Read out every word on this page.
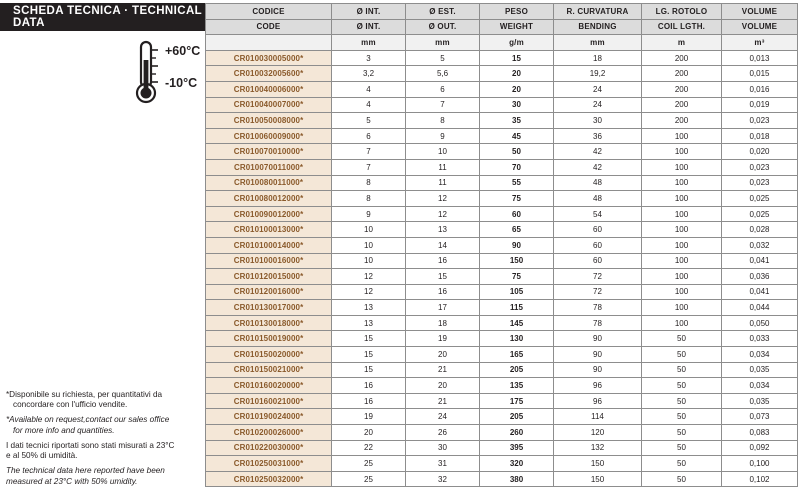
SCHEDA TECNICA · TECHNICAL DATA
+60°C
-10°C

*Disponibile su richiesta, per quantitativi da

concordare con l'ufficio vendite.

*Available on request,contact our sales office

for more info and quantities.

I dati tecnici riportati sono stati misurati a 23°C
e al 50% di umidità.

The technical data here reported have been
measured at 23°C with 50% umidity.

CODICE	Ø INT.	Ø EST.	PESO	R. CURVATURA	LG. ROTOLO	VOLUME
CODE	Ø INT.	Ø OUT.	WEIGHT	BENDING	COIL LGTH.	VOLUME
	mm	mm	g/m	mm	m	m³
CR010030005000*	3	5	15	18	200	0,013
CR010032005600*	3,2	5,6	20	19,2	200	0,015
CR010040006000*	4	6	20	24	200	0,016
CR010040007000*	4	7	30	24	200	0,019
CR010050008000*	5	8	35	30	200	0,023
CR010060009000*	6	9	45	36	100	0,018
CR010070010000*	7	10	50	42	100	0,020
CR010070011000*	7	11	70	42	100	0,023
CR010080011000*	8	11	55	48	100	0,023
CR010080012000*	8	12	75	48	100	0,025
CR010090012000*	9	12	60	54	100	0,025
CR010100013000*	10	13	65	60	100	0,028
CR010100014000*	10	14	90	60	100	0,032
CR010100016000*	10	16	150	60	100	0,041
CR010120015000*	12	15	75	72	100	0,036
CR010120016000*	12	16	105	72	100	0,041
CR010130017000*	13	17	115	78	100	0,044
CR010130018000*	13	18	145	78	100	0,050
CR010150019000*	15	19	130	90	50	0,033
CR010150020000*	15	20	165	90	50	0,034
CR010150021000*	15	21	205	90	50	0,035
CR010160020000*	16	20	135	96	50	0,034
CR010160021000*	16	21	175	96	50	0,035
CR010190024000*	19	24	205	114	50	0,073
CR010200026000*	20	26	260	120	50	0,083
CR010220030000*	22	30	395	132	50	0,092
CR010250031000*	25	31	320	150	50	0,100
CR010250032000*	25	32	380	150	50	0,102
